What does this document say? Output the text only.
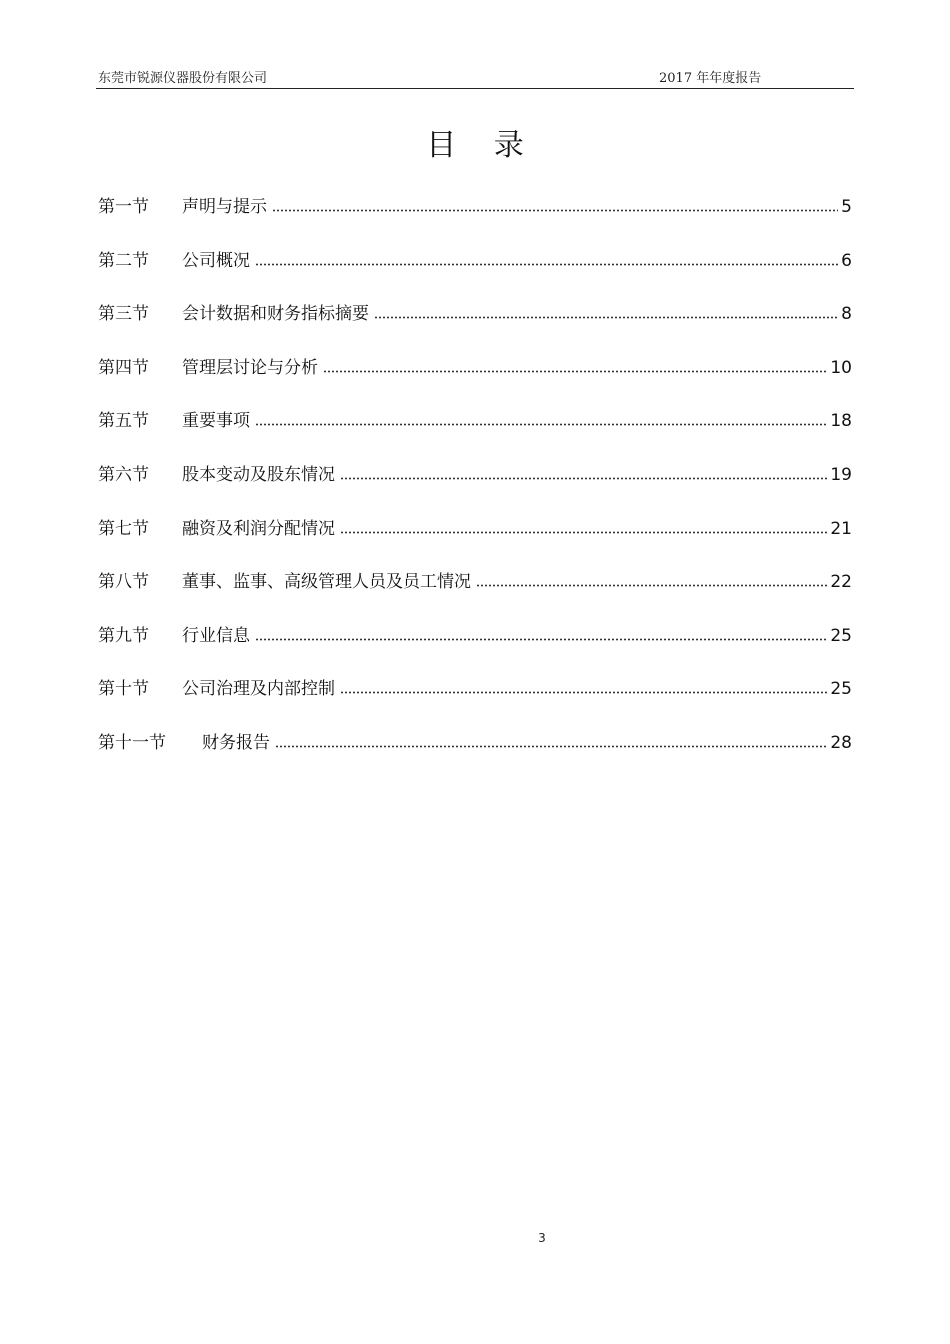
东莞市锐源仪器股份有限公司	2017 年年度报告
目 录
第一节	声明与提示	5
第二节	公司概况	6
第三节	会计数据和财务指标摘要	8
第四节	管理层讨论与分析	10
第五节	重要事项	18
第六节	股本变动及股东情况	19
第七节	融资及利润分配情况	21
第八节	董事、监事、高级管理人员及员工情况	22
第九节	行业信息	25
第十节	公司治理及内部控制	25
第十一节	财务报告	28
3
